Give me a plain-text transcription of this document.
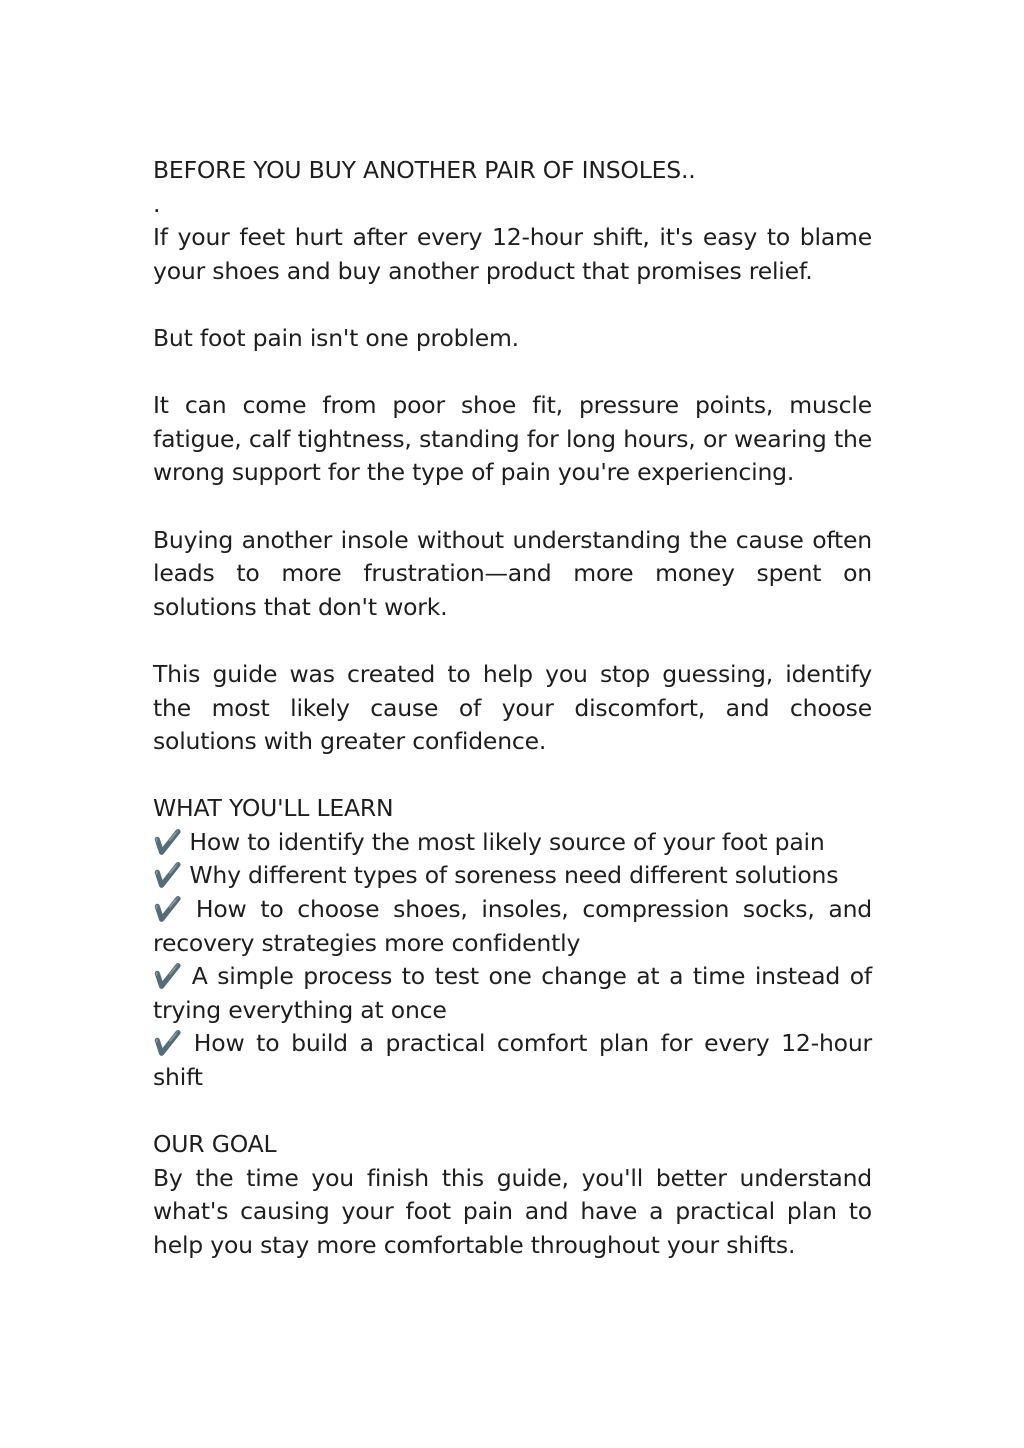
BEFORE YOU BUY ANOTHER PAIR OF INSOLES..
.
If your feet hurt after every 12-hour shift, it's easy to blame your shoes and buy another product that promises relief.
But foot pain isn't one problem.
It can come from poor shoe fit, pressure points, muscle fatigue, calf tightness, standing for long hours, or wearing the wrong support for the type of pain you're experiencing.
Buying another insole without understanding the cause often leads to more frustration—and more money spent on solutions that don't work.
This guide was created to help you stop guessing, identify the most likely cause of your discomfort, and choose solutions with greater confidence.
WHAT YOU'LL LEARN
✔️ How to identify the most likely source of your foot pain
✔️ Why different types of soreness need different solutions
✔️ How to choose shoes, insoles, compression socks, and recovery strategies more confidently
✔️ A simple process to test one change at a time instead of trying everything at once
✔️ How to build a practical comfort plan for every 12-hour shift
OUR GOAL
By the time you finish this guide, you'll better understand what's causing your foot pain and have a practical plan to help you stay more comfortable throughout your shifts.
